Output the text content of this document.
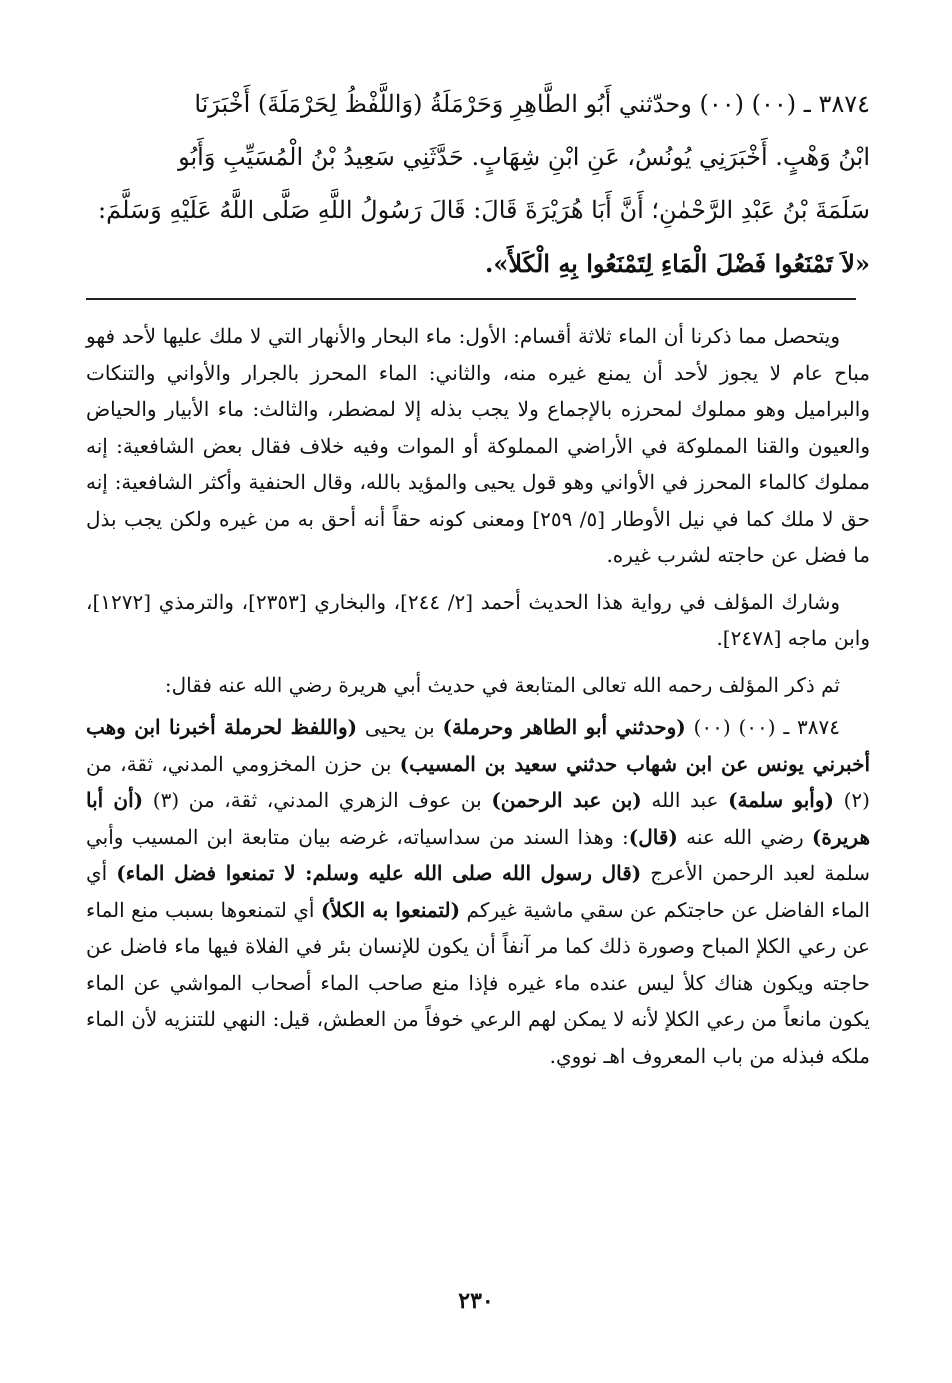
٣٨٧٤ ـ (٠٠) (٠٠) وحدّثني أَبُو الطَّاهِرِ وَحَرْمَلَةُ (وَاللَّفْظُ لِحَرْمَلَةَ) أَخْبَرَنَا
ابْنُ وَهْبٍ. أَخْبَرَنِي يُونُسُ، عَنِ ابْنِ شِهَابٍ. حَدَّثَنِي سَعِيدُ بْنُ الْمُسَيِّبِ وَأَبُو
سَلَمَةَ بْنُ عَبْدِ الرَّحْمٰنِ؛ أَنَّ أَبَا هُرَيْرَةَ قَالَ: قَالَ رَسُولُ اللَّهِ صَلَّى اللَّهُ عَلَيْهِ وَسَلَّمَ:
«لاَ تَمْنَعُوا فَضْلَ الْمَاءِ لِتَمْنَعُوا بِهِ الْكَلأَ».

ويتحصل مما ذكرنا أن الماء ثلاثة أقسام: الأول: ماء البحار والأنهار التي لا ملك عليها لأحد فهو مباح عام لا يجوز لأحد أن يمنع غيره منه، والثاني: الماء المحرز بالجرار والأواني والتنكات والبراميل وهو مملوك لمحرزه بالإجماع ولا يجب بذله إلا لمضطر، والثالث: ماء الأبيار والحياض والعيون والقنا المملوكة في الأراضي المملوكة أو الموات وفيه خلاف فقال بعض الشافعية: إنه مملوك كالماء المحرز في الأواني وهو قول يحيى والمؤيد بالله، وقال الحنفية وأكثر الشافعية: إنه حق لا ملك كما في نيل الأوطار [٥/ ٢٥٩] ومعنى كونه حقاً أنه أحق به من غيره ولكن يجب بذل ما فضل عن حاجته لشرب غيره.

وشارك المؤلف في رواية هذا الحديث أحمد [٢/ ٢٤٤]، والبخاري [٢٣٥٣]، والترمذي [١٢٧٢]، وابن ماجه [٢٤٧٨].

ثم ذكر المؤلف رحمه الله تعالى المتابعة في حديث أبي هريرة رضي الله عنه فقال:

٣٨٧٤ ـ (٠٠) (٠٠) (وحدثني أبو الطاهر وحرملة) بن يحيى (واللفظ لحرملة أخبرنا ابن وهب أخبرني يونس عن ابن شهاب حدثني سعيد بن المسيب) بن حزن المخزومي المدني، ثقة، من (٢) (وأبو سلمة) عبد الله (بن عبد الرحمن) بن عوف الزهري المدني، ثقة، من (٣) (أن أبا هريرة) رضي الله عنه (قال): وهذا السند من سداسياته، غرضه بيان متابعة ابن المسيب وأبي سلمة لعبد الرحمن الأعرج (قال رسول الله صلى الله عليه وسلم: لا تمنعوا فضل الماء) أي الماء الفاضل عن حاجتكم عن سقي ماشية غيركم (لتمنعوا به الكلأ) أي لتمنعوها بسبب منع الماء عن رعي الكلإ المباح وصورة ذلك كما مر آنفاً أن يكون للإنسان بئر في الفلاة فيها ماء فاضل عن حاجته ويكون هناك كلأ ليس عنده ماء غيره فإذا منع صاحب الماء أصحاب المواشي عن الماء يكون مانعاً من رعي الكلإ لأنه لا يمكن لهم الرعي خوفاً من العطش، قيل: النهي للتنزيه لأن الماء ملكه فبذله من باب المعروف اهـ نووي.

٢٣٠
